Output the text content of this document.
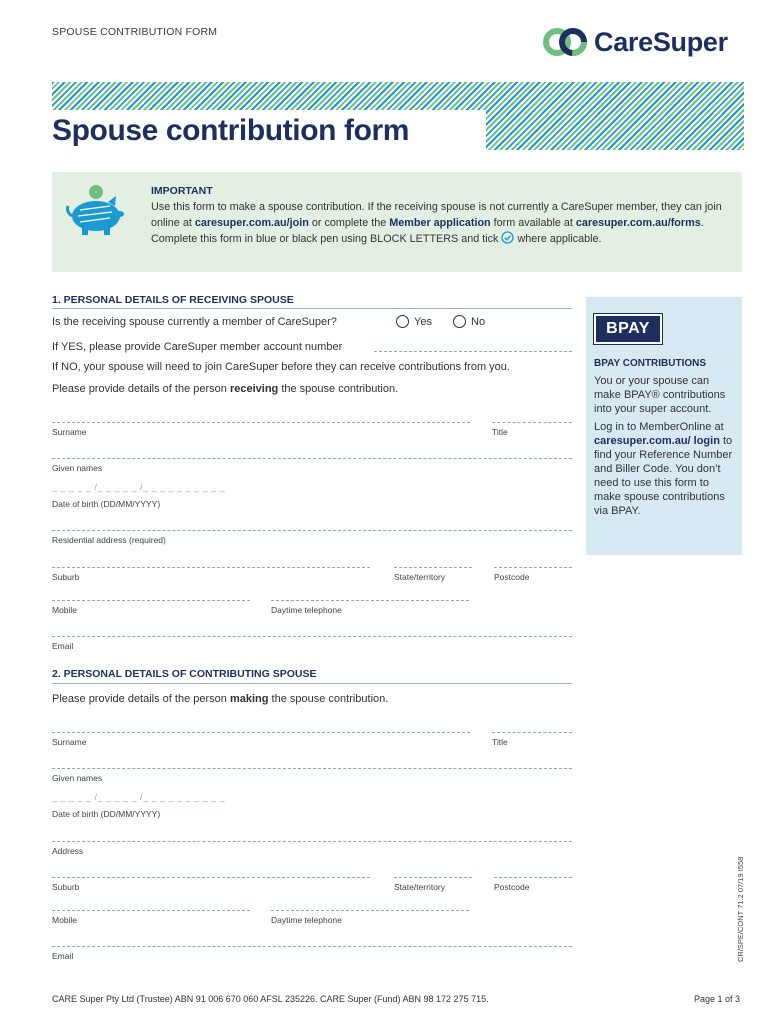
SPOUSE CONTRIBUTION FORM	CareSuper
Spouse contribution form
IMPORTANT
Use this form to make a spouse contribution. If the receiving spouse is not currently a CareSuper member, they can join online at caresuper.com.au/join or complete the Member application form available at caresuper.com.au/forms.
Complete this form in blue or black pen using BLOCK LETTERS and tick  where applicable.
1. PERSONAL DETAILS OF RECEIVING SPOUSE
Is the receiving spouse currently a member of CareSuper?	Yes	No
If YES, please provide CareSuper member account number
If NO, your spouse will need to join CareSuper before they can receive contributions from you.
Please provide details of the person receiving the spouse contribution.
Surname	Title
Given names
_ _ _ _ _ /_ _ _ _ _ /_ _ _ _ _ _ _ _ _ _
Date of birth (DD/MM/YYYY)
Residential address (required)
Suburb	State/territory	Postcode
Mobile	Daytime telephone
Email
BPAY
BPAY CONTRIBUTIONS
You or your spouse can make BPAY® contributions into your super account.
Log in to MemberOnline at caresuper.com.au/ login to find your Reference Number and Biller Code. You don’t need to use this form to make spouse contributions via BPAY.
2. PERSONAL DETAILS OF CONTRIBUTING SPOUSE
Please provide details of the person making the spouse contribution.
Surname	Title
Given names
_ _ _ _ _ /_ _ _ _ _ /_ _ _ _ _ _ _ _ _ _
Date of birth (DD/MM/YYYY)
Address
Suburb	State/territory	Postcode
Mobile	Daytime telephone
Email	CR/SPE/CONT 71.2 07/19 I558
CARE Super Pty Ltd (Trustee) ABN 91 006 670 060 AFSL 235226. CARE Super (Fund) ABN 98 172 275 715.	Page 1 of 3
